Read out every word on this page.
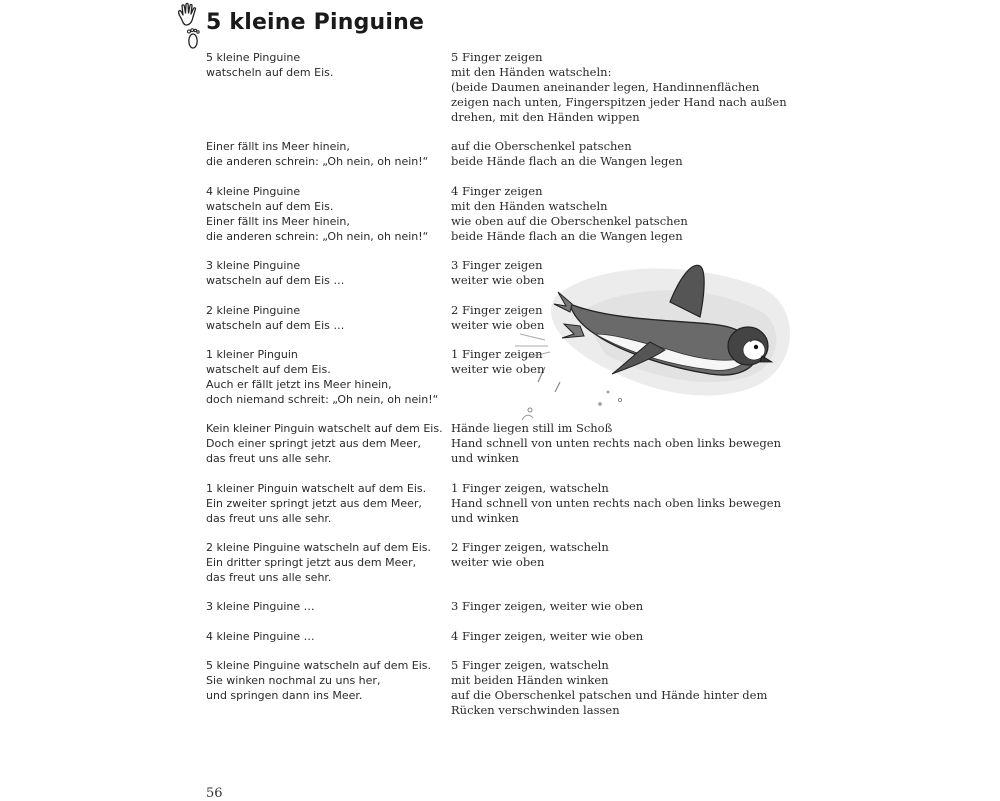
5 kleine Pinguine
5 kleine Pinguine
watscheln auf dem Eis.
5 Finger zeigen
mit den Händen watscheln:
(beide Daumen aneinander legen, Handinnenflächen
zeigen nach unten, Fingerspitzen jeder Hand nach außen
drehen, mit den Händen wippen
Einer fällt ins Meer hinein,
die anderen schrein: „Oh nein, oh nein!“
auf die Oberschenkel patschen
beide Hände flach an die Wangen legen
4 kleine Pinguine
watscheln auf dem Eis.
Einer fällt ins Meer hinein,
die anderen schrein: „Oh nein, oh nein!“
4 Finger zeigen
mit den Händen watscheln
wie oben auf die Oberschenkel patschen
beide Hände flach an die Wangen legen
3 kleine Pinguine
watscheln auf dem Eis …
3 Finger zeigen
weiter wie oben
2 kleine Pinguine
watscheln auf dem Eis …
2 Finger zeigen
weiter wie oben
1 kleiner Pinguin
watschelt auf dem Eis.
Auch er fällt jetzt ins Meer hinein,
doch niemand schreit: „Oh nein, oh nein!“
1 Finger zeigen
weiter wie oben
Kein kleiner Pinguin watschelt auf dem Eis.
Doch einer springt jetzt aus dem Meer,
das freut uns alle sehr.
Hände liegen still im Schoß
Hand schnell von unten rechts nach oben links bewegen
und winken
1 kleiner Pinguin watschelt auf dem Eis.
Ein zweiter springt jetzt aus dem Meer,
das freut uns alle sehr.
1 Finger zeigen, watscheln
Hand schnell von unten rechts nach oben links bewegen
und winken
2 kleine Pinguine watscheln auf dem Eis.
Ein dritter springt jetzt aus dem Meer,
das freut uns alle sehr.
2 Finger zeigen, watscheln
weiter wie oben
3 kleine Pinguine …	3 Finger zeigen, weiter wie oben
4 kleine Pinguine …	4 Finger zeigen, weiter wie oben
5 kleine Pinguine watscheln auf dem Eis.
Sie winken nochmal zu uns her,
und springen dann ins Meer.
5 Finger zeigen, watscheln
mit beiden Händen winken
auf die Oberschenkel patschen und Hände hinter dem
Rücken verschwinden lassen
56
